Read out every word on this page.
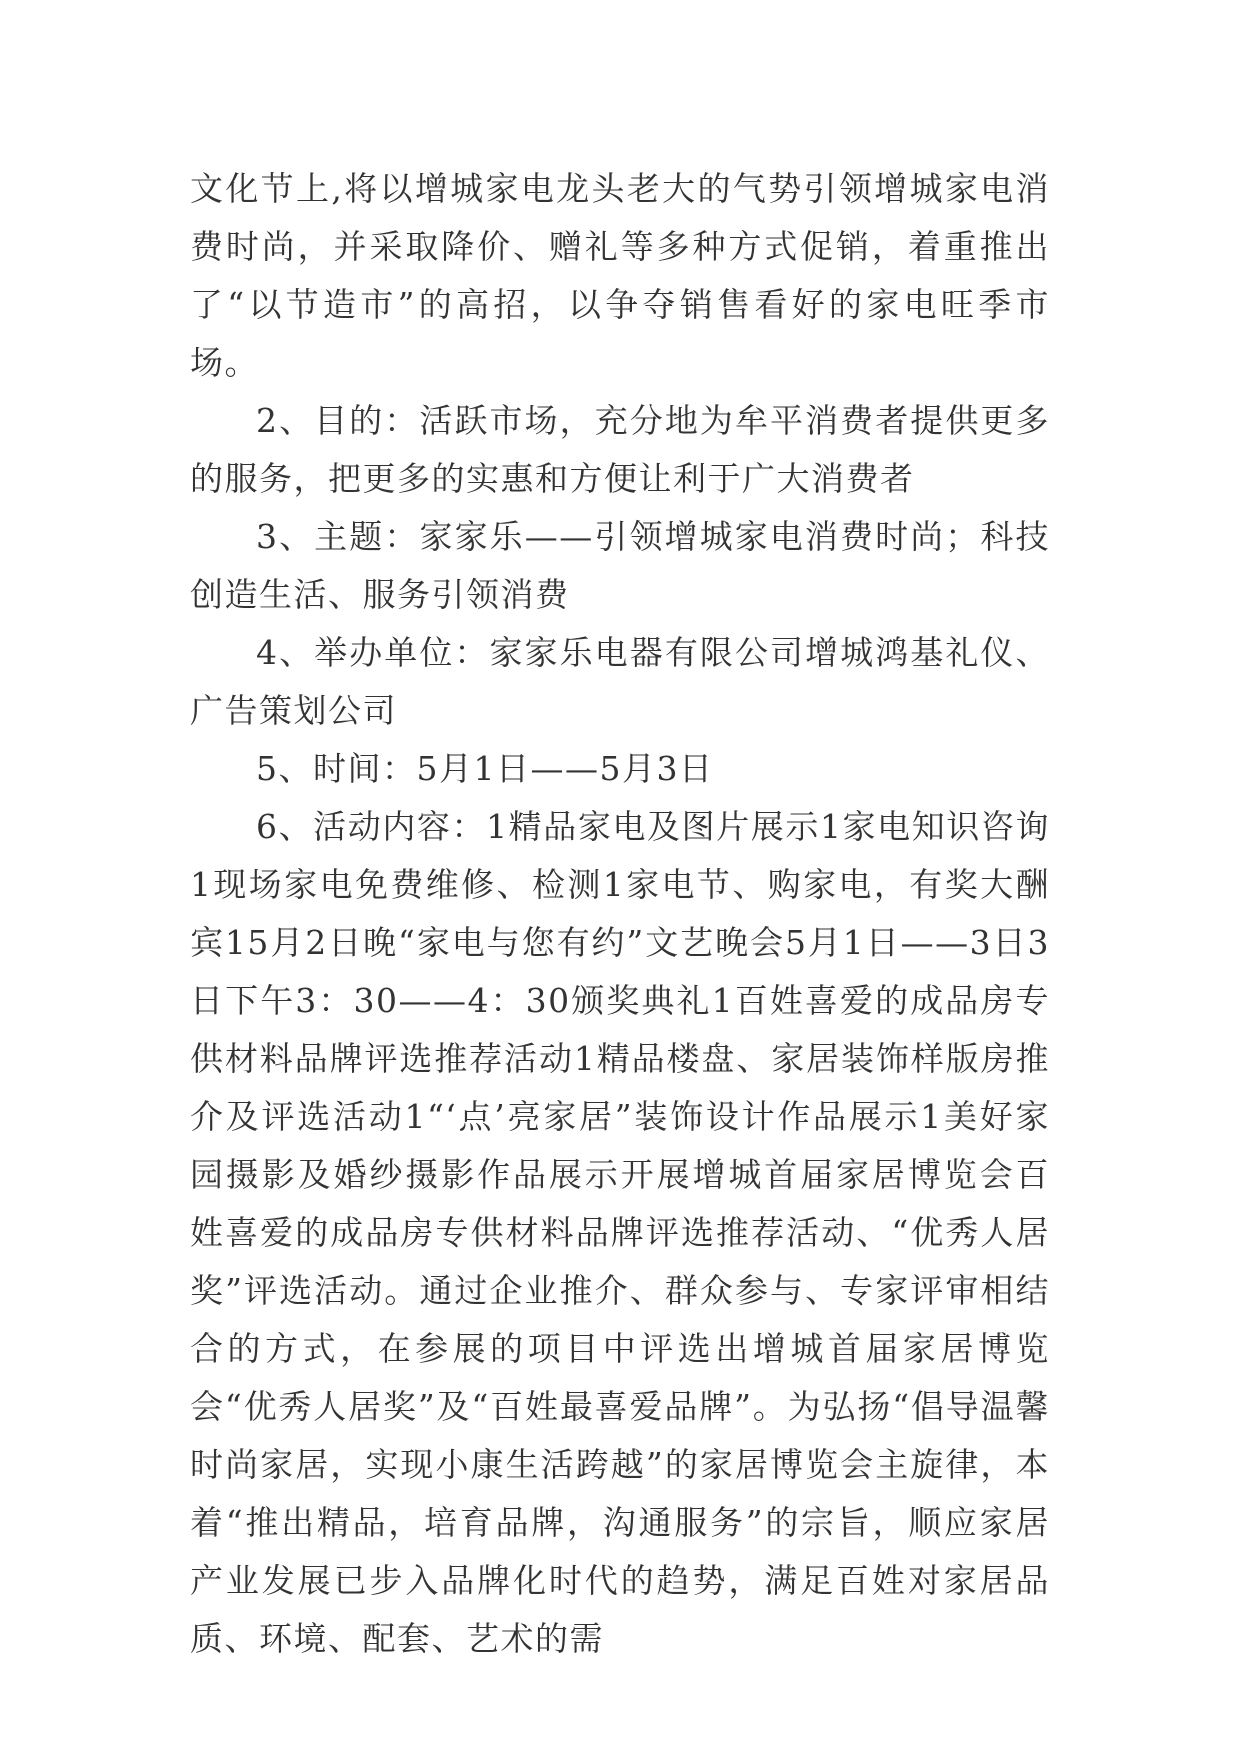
文化节上,将以增城家电龙头老大的气势引领增城家电消费时尚，并采取降价、赠礼等多种方式促销，着重推出了“以节造市”的高招，以争夺销售看好的家电旺季市场。

2、目的：活跃市场，充分地为牟平消费者提供更多的服务，把更多的实惠和方便让利于广大消费者

3、主题：家家乐——引领增城家电消费时尚；科技创造生活、服务引领消费

4、举办单位：家家乐电器有限公司增城鸿基礼仪、广告策划公司

5、时间：5月1日——5月3日

6、活动内容：1精品家电及图片展示1家电知识咨询1现场家电免费维修、检测1家电节、购家电，有奖大酬宾15月2日晚“家电与您有约”文艺晚会5月1日——3日3日下午3：30——4：30颁奖典礼1百姓喜爱的成品房专供材料品牌评选推荐活动1精品楼盘、家居装饰样版房推介及评选活动1“‘点’亮家居”装饰设计作品展示1美好家园摄影及婚纱摄影作品展示开展增城首届家居博览会百姓喜爱的成品房专供材料品牌评选推荐活动、“优秀人居奖”评选活动。通过企业推介、群众参与、专家评审相结合的方式，在参展的项目中评选出增城首届家居博览会“优秀人居奖”及“百姓最喜爱品牌”。为弘扬“倡导温馨时尚家居，实现小康生活跨越”的家居博览会主旋律，本着“推出精品，培育品牌，沟通服务”的宗旨，顺应家居产业发展已步入品牌化时代的趋势，满足百姓对家居品质、环境、配套、艺术的需
